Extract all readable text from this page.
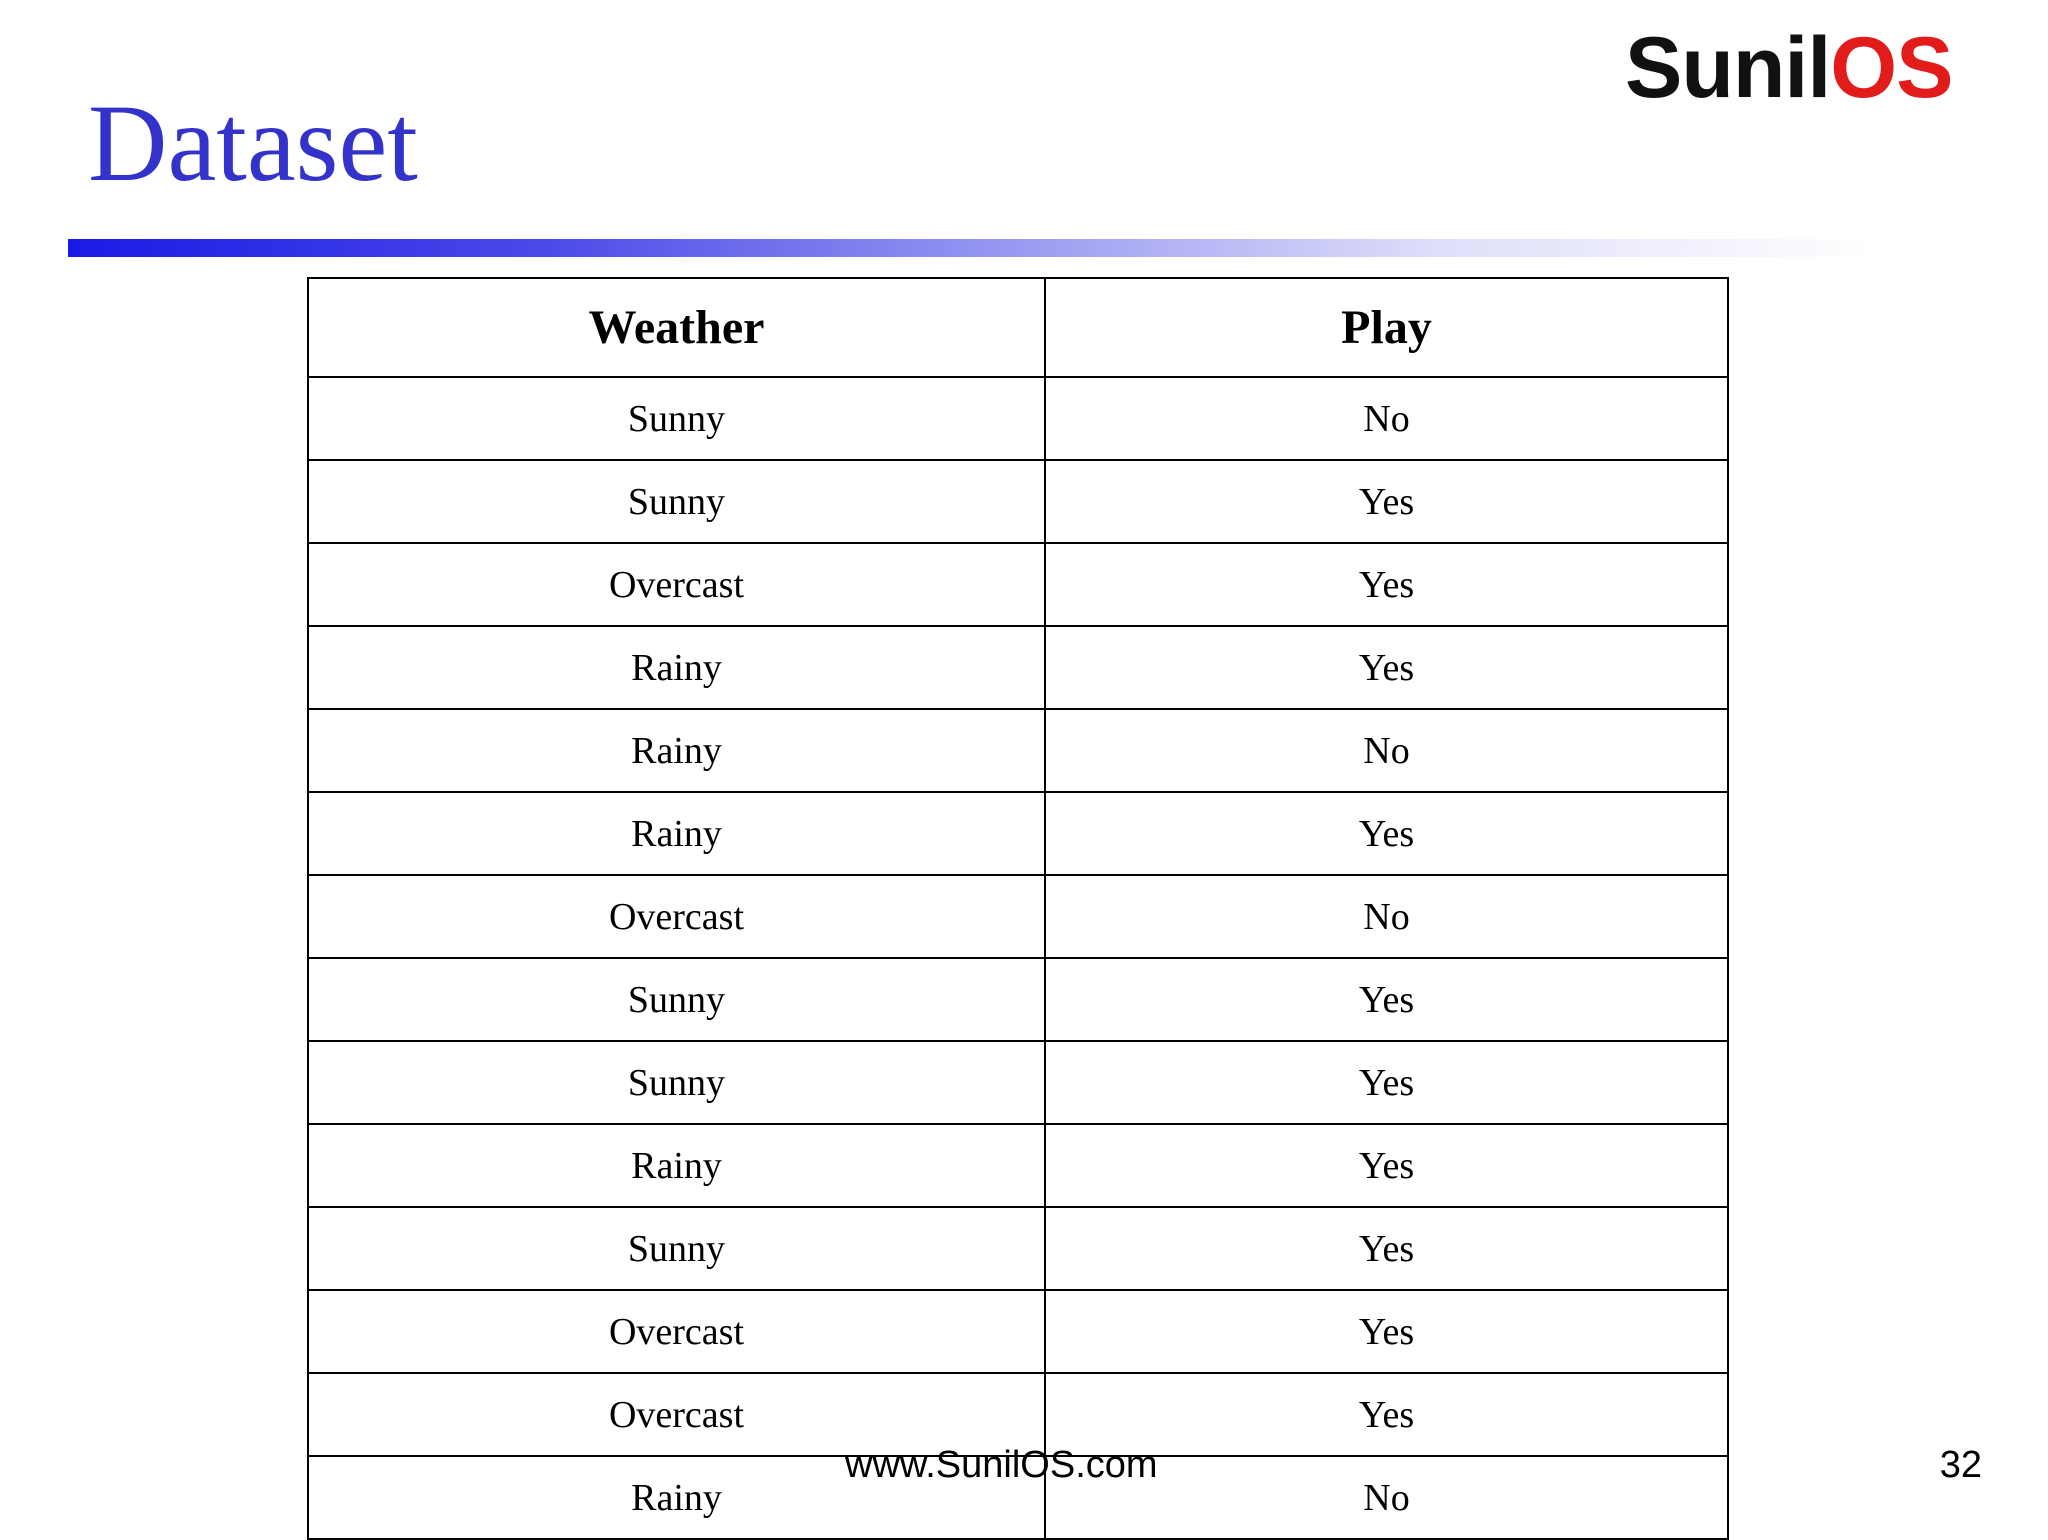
Dataset
SunilOS
Weather	Play
Sunny	No
Sunny	Yes
Overcast	Yes
Rainy	Yes
Rainy	No
Rainy	Yes
Overcast	No
Sunny	Yes
Sunny	Yes
Rainy	Yes
Sunny	Yes
Overcast	Yes
Overcast	Yes
Rainy	No
www.SunilOS.com	32
